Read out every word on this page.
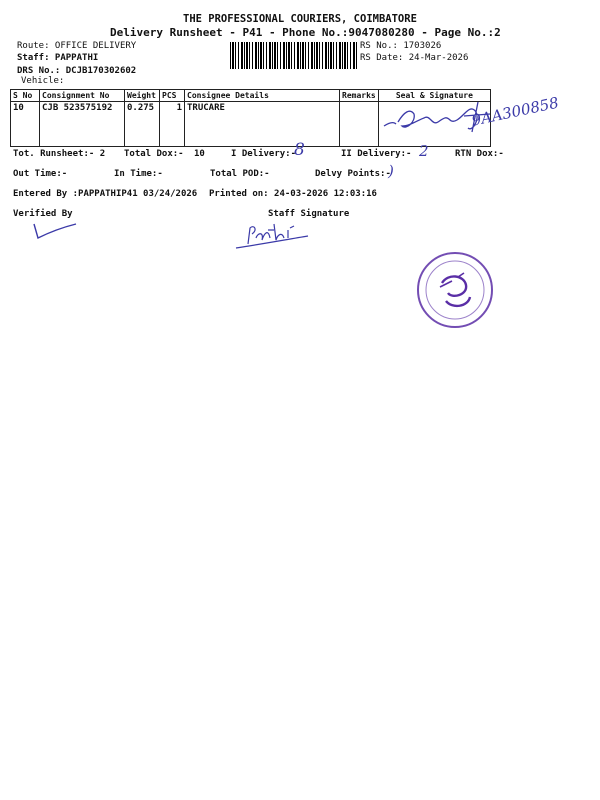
THE PROFESSIONAL COURIERS, COIMBATORE
Delivery Runsheet - P41 - Phone No.:9047080280 - Page No.:2
Route: OFFICE DELIVERY
Staff: PAPPATHI
DRS No.: DCJB170302602
Vehicle:
RS No.: 1703026
RS Date: 24-Mar-2026
S No	Consignment No	Weight	PCS	Consignee Details	Remarks	Seal & Signature
10	CJB 523575192	0.275	1	TRUCARE			9AA300858
Tot. Runsheet:- 2 Total Dox:- 10	I Delivery:-
8	II Delivery:- 2	RTN Dox:-
Out Time:-	In Time:-	Total POD:-	Delvy Points:-
)
Entered By :PAPPATHIP41 03/24/2026 Printed on: 24-03-2026 12:03:16
Verified By	Staff Signature
